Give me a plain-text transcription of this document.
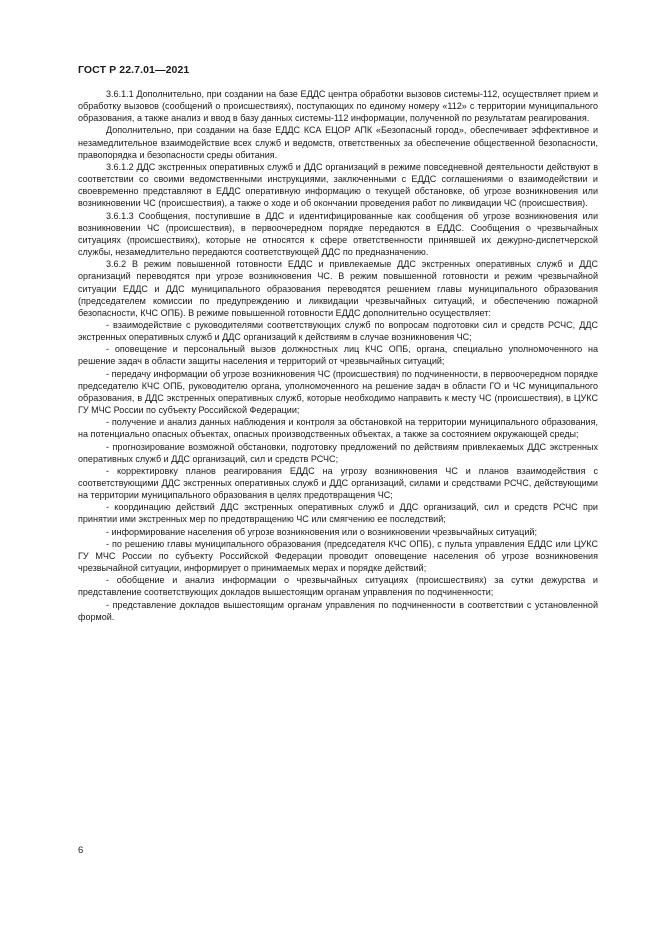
ГОСТ Р 22.7.01—2021

3.6.1.1 Дополнительно, при создании на базе ЕДДС центра обработки вызовов системы-112, осуществляет прием и обработку вызовов (сообщений о происшествиях), поступающих по единому номеру «112» с территории муниципального образования, а также анализ и ввод в базу данных системы-112 информации, полученной по результатам реагирования.

Дополнительно, при создании на базе ЕДДС КСА ЕЦОР АПК «Безопасный город», обеспечивает эффективное и незамедлительное взаимодействие всех служб и ведомств, ответственных за обеспечение общественной безопасности, правопорядка и безопасности среды обитания.

3.6.1.2 ДДС экстренных оперативных служб и ДДС организаций в режиме повседневной деятельности действуют в соответствии со своими ведомственными инструкциями, заключенными с ЕДДС соглашениями о взаимодействии и своевременно представляют в ЕДДС оперативную информацию о текущей обстановке, об угрозе возникновения или возникновении ЧС (происшествия), а также о ходе и об окончании проведения работ по ликвидации ЧС (происшествия).

3.6.1.3 Сообщения, поступившие в ДДС и идентифицированные как сообщения об угрозе возникновения или возникновении ЧС (происшествия), в первоочередном порядке передаются в ЕДДС. Сообщения о чрезвычайных ситуациях (происшествиях), которые не относятся к сфере ответственности принявшей их дежурно-диспетчерской службы, незамедлительно передаются соответствующей ДДС по предназначению.

3.6.2 В режим повышенной готовности ЕДДС и привлекаемые ДДС экстренных оперативных служб и ДДС организаций переводятся при угрозе возникновения ЧС. В режим повышенной готовности и режим чрезвычайной ситуации ЕДДС и ДДС муниципального образования переводятся решением главы муниципального образования (председателем комиссии по предупреждению и ликвидации чрезвычайных ситуаций, и обеспечению пожарной безопасности, КЧС ОПБ). В режиме повышенной готовности ЕДДС дополнительно осуществляет:

- взаимодействие с руководителями соответствующих служб по вопросам подготовки сил и средств РСЧС, ДДС экстренных оперативных служб и ДДС организаций к действиям в случае возникновения ЧС;

- оповещение и персональный вызов должностных лиц КЧС ОПБ, органа, специально уполномоченного на решение задач в области защиты населения и территорий от чрезвычайных ситуаций;

- передачу информации об угрозе возникновения ЧС (происшествия) по подчиненности, в первоочередном порядке председателю КЧС ОПБ, руководителю органа, уполномоченного на решение задач в области ГО и ЧС муниципального образования, в ДДС экстренных оперативных служб, которые необходимо направить к месту ЧС (происшествия), в ЦУКС ГУ МЧС России по субъекту Российской Федерации;

- получение и анализ данных наблюдения и контроля за обстановкой на территории муниципального образования, на потенциально опасных объектах, опасных производственных объектах, а также за состоянием окружающей среды;

- прогнозирование возможной обстановки, подготовку предложений по действиям привлекаемых ДДС экстренных оперативных служб и ДДС организаций, сил и средств РСЧС;

- корректировку планов реагирования ЕДДС на угрозу возникновения ЧС и планов взаимодействия с соответствующими ДДС экстренных оперативных служб и ДДС организаций, силами и средствами РСЧС, действующими на территории муниципального образования в целях предотвращения ЧС;

- координацию действий ДДС экстренных оперативных служб и ДДС организаций, сил и средств РСЧС при принятии ими экстренных мер по предотвращению ЧС или смягчению ее последствий;

- информирование населения об угрозе возникновения или о возникновении чрезвычайных ситуаций;

- по решению главы муниципального образования (председателя КЧС ОПБ), с пульта управления ЕДДС или ЦУКС ГУ МЧС России по субъекту Российской Федерации проводит оповещение населения об угрозе возникновения чрезвычайной ситуации, информирует о принимаемых мерах и порядке действий;

- обобщение и анализ информации о чрезвычайных ситуациях (происшествиях) за сутки дежурства и представление соответствующих докладов вышестоящим органам управления по подчиненности;

- представление докладов вышестоящим органам управления по подчиненности в соответствии с установленной формой.

6
